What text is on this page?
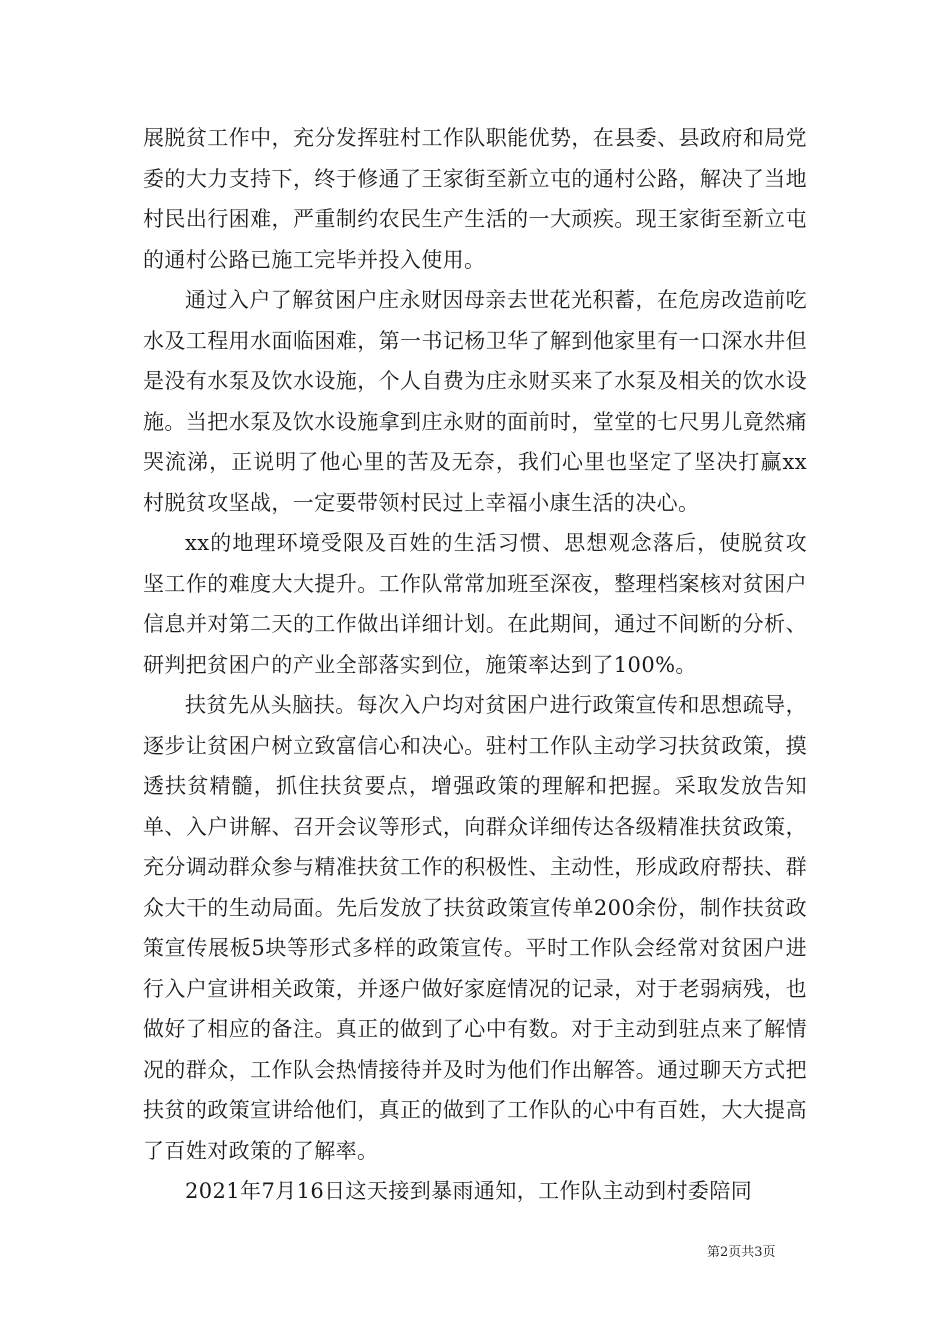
展脱贫工作中，充分发挥驻村工作队职能优势，在县委、县政府和局党委的大力支持下，终于修通了王家街至新立屯的通村公路，解决了当地村民出行困难，严重制约农民生产生活的一大顽疾。现王家街至新立屯的通村公路已施工完毕并投入使用。

通过入户了解贫困户庄永财因母亲去世花光积蓄，在危房改造前吃水及工程用水面临困难，第一书记杨卫华了解到他家里有一口深水井但是没有水泵及饮水设施，个人自费为庄永财买来了水泵及相关的饮水设施。当把水泵及饮水设施拿到庄永财的面前时，堂堂的七尺男儿竟然痛哭流涕，正说明了他心里的苦及无奈，我们心里也坚定了坚决打赢xx村脱贫攻坚战，一定要带领村民过上幸福小康生活的决心。

xx的地理环境受限及百姓的生活习惯、思想观念落后，使脱贫攻坚工作的难度大大提升。工作队常常加班至深夜，整理档案核对贫困户信息并对第二天的工作做出详细计划。在此期间，通过不间断的分析、研判把贫困户的产业全部落实到位，施策率达到了100%。

扶贫先从头脑扶。每次入户均对贫困户进行政策宣传和思想疏导，逐步让贫困户树立致富信心和决心。驻村工作队主动学习扶贫政策，摸透扶贫精髓，抓住扶贫要点，增强政策的理解和把握。采取发放告知单、入户讲解、召开会议等形式，向群众详细传达各级精准扶贫政策，充分调动群众参与精准扶贫工作的积极性、主动性，形成政府帮扶、群众大干的生动局面。先后发放了扶贫政策宣传单200余份，制作扶贫政策宣传展板5块等形式多样的政策宣传。平时工作队会经常对贫困户进行入户宣讲相关政策，并逐户做好家庭情况的记录，对于老弱病残，也做好了相应的备注。真正的做到了心中有数。对于主动到驻点来了解情况的群众，工作队会热情接待并及时为他们作出解答。通过聊天方式把扶贫的政策宣讲给他们，真正的做到了工作队的心中有百姓，大大提高了百姓对政策的了解率。

2021年7月16日这天接到暴雨通知，工作队主动到村委陪同

第2页共3页
